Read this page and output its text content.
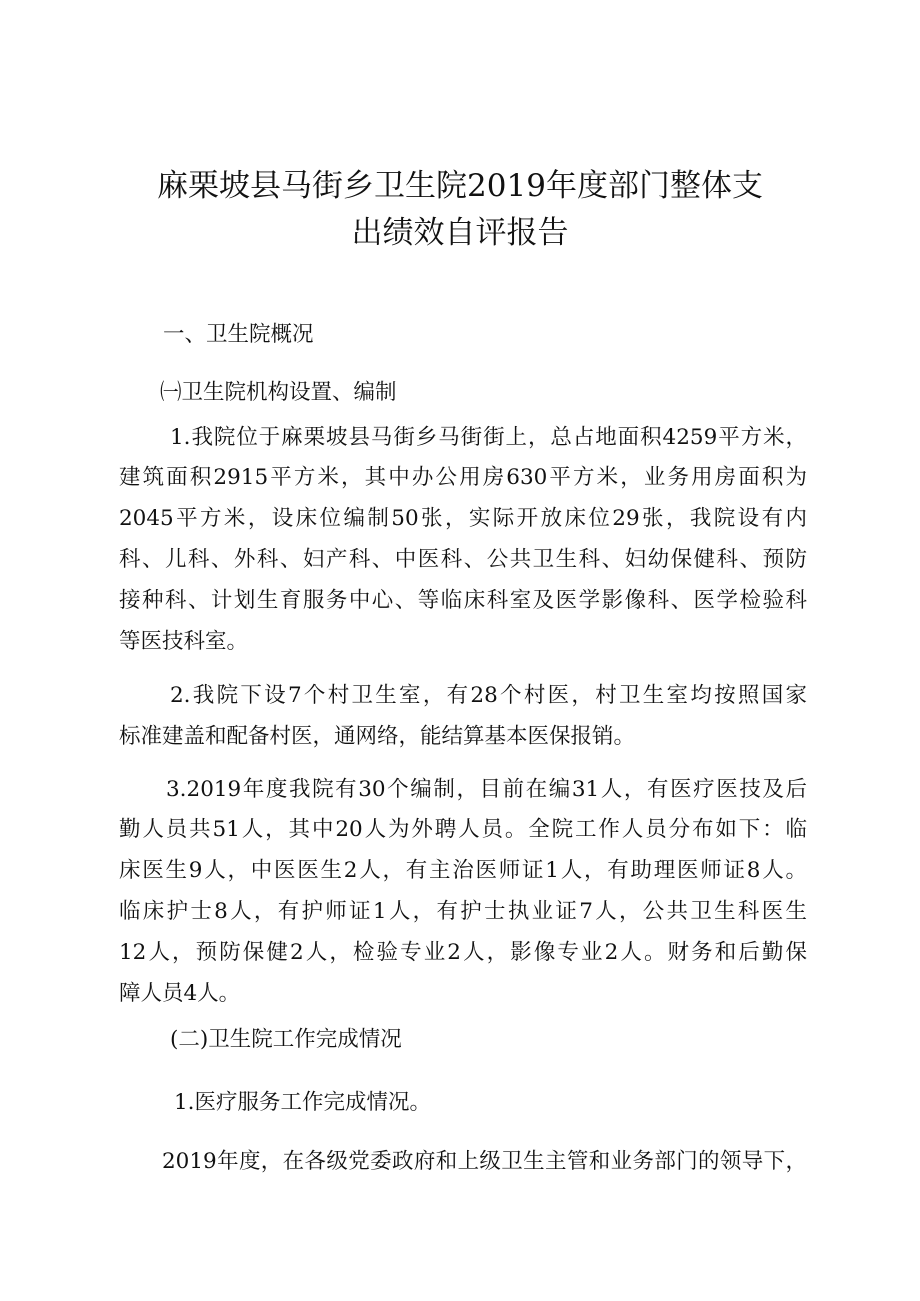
麻栗坡县马街乡卫生院2019年度部门整体支
出绩效自评报告
一、卫生院概况
㈠卫生院机构设置、编制
1.我院位于麻栗坡县马街乡马街街上，总占地面积4259平方米，
建筑面积2915平方米，其中办公用房630平方米，业务用房面积为
2045平方米，设床位编制50张，实际开放床位29张，我院设有内
科、儿科、外科、妇产科、中医科、公共卫生科、妇幼保健科、预防
接种科、计划生育服务中心、等临床科室及医学影像科、医学检验科
等医技科室。
2.我院下设7个村卫生室，有28个村医，村卫生室均按照国家
标准建盖和配备村医，通网络，能结算基本医保报销。
3.2019年度我院有30个编制，目前在编31人，有医疗医技及后
勤人员共51人，其中20人为外聘人员。全院工作人员分布如下：临
床医生9人，中医医生2人，有主治医师证1人，有助理医师证8人。
临床护士8人，有护师证1人，有护士执业证7人，公共卫生科医生
12人，预防保健2人，检验专业2人，影像专业2人。财务和后勤保
障人员4人。
(二)卫生院工作完成情况
1.医疗服务工作完成情况。
2019年度，在各级党委政府和上级卫生主管和业务部门的领导下，
